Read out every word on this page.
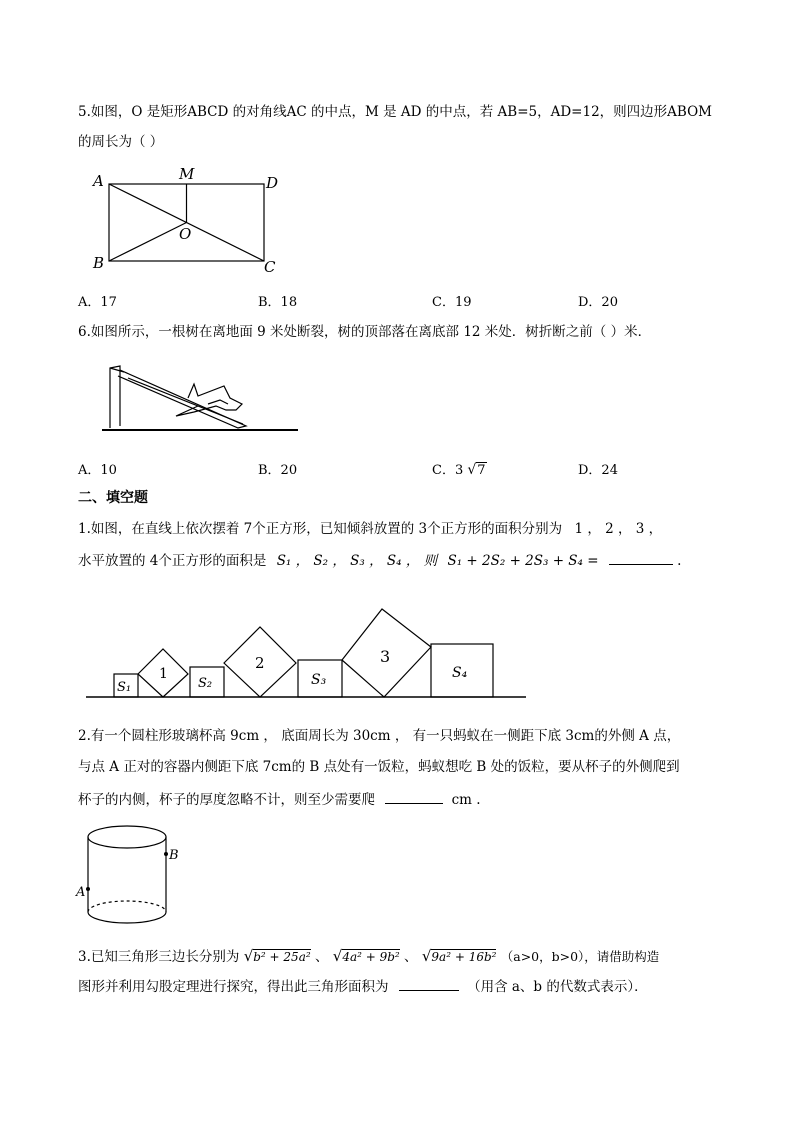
5.如图，O 是矩形ABCD 的对角线AC 的中点，M 是 AD 的中点，若 AB=5，AD=12，则四边形ABOM
的周长为（ ）
A	M	D
O
B	C
A．17	B．18	C．19	D．20
6.如图所示，一根树在离地面 9 米处断裂，树的顶部落在离底部 12 米处．树折断之前（ ）米．
A．10	B．20	C．3 √7	D．24
二、填空题
1.如图，在直线上依次摆着 7个正方形，已知倾斜放置的 3个正方形的面积分别为 1 ， 2 ， 3 ，
水平放置的 4个正方形的面积是 S₁ ， S₂ ， S₃ ， S₄ ， 则 S₁ + 2S₂ + 2S₃ + S₄ =	.
S₁
1
S₂
2
S₃
3
S₄
2.有一个圆柱形玻璃杯高 9cm ， 底面周长为 30cm ， 有一只蚂蚁在一侧距下底 3cm的外侧 A 点，
与点 A 正对的容器内侧距下底 7cm的 B 点处有一饭粒，蚂蚁想吃 B 处的饭粒，要从杯子的外侧爬到
杯子的内侧，杯子的厚度忽略不计，则至少需要爬	cm .
B
A
3.已知三角形三边长分别为 √b² + 25a² 、 √4a² + 9b² 、 √9a² + 16b² （a>0，b>0），请借助构造
图形并利用勾股定理进行探究，得出此三角形面积为	（用含 a、b 的代数式表示）．
